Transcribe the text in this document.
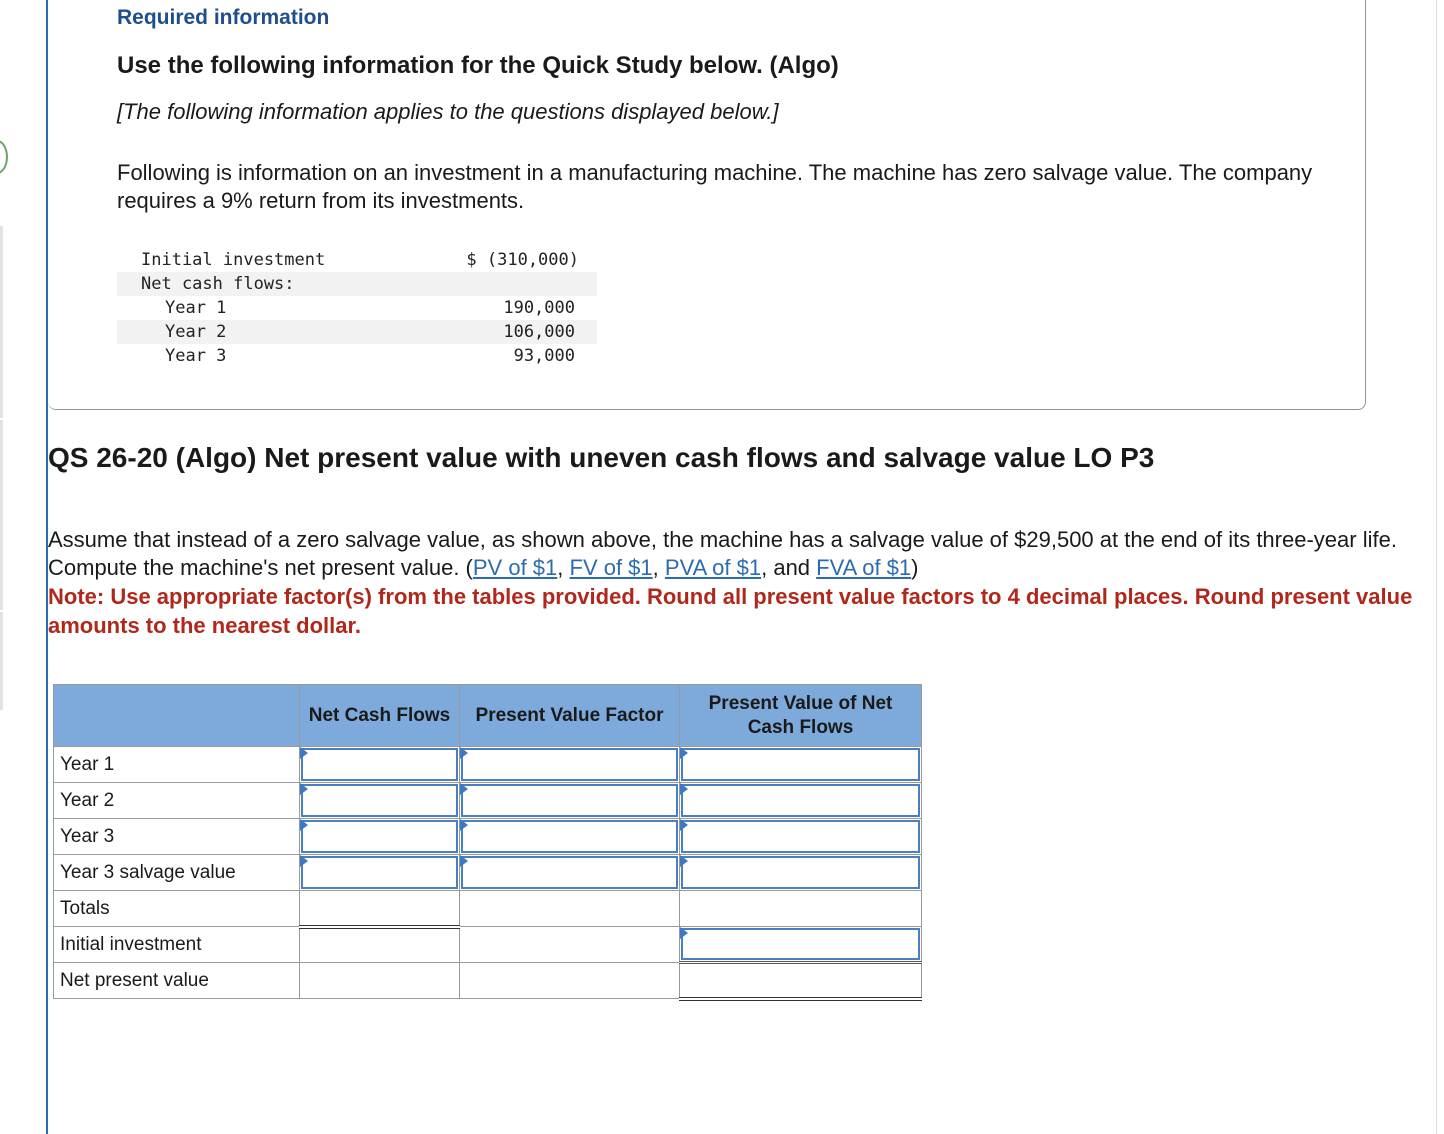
Required information
Use the following information for the Quick Study below. (Algo)

[The following information applies to the questions displayed below.]

Following is information on an investment in a manufacturing machine. The machine has zero salvage value. The company requires a 9% return from its investments.

Initial investment	$ (310,000)
Net cash flows:	
Year 1	190,000
Year 2	106,000
Year 3	93,000
QS 26-20 (Algo) Net present value with uneven cash flows and salvage value LO P3

Assume that instead of a zero salvage value, as shown above, the machine has a salvage value of $29,500 at the end of its three-year life. Compute the machine's net present value. (PV of $1, FV of $1, PVA of $1, and FVA of $1)

Note: Use appropriate factor(s) from the tables provided. Round all present value factors to 4 decimal places. Round present value amounts to the nearest dollar.

	Net Cash Flows	Present Value Factor	Present Value of Net Cash Flows
Year 1	

Year 2	

Year 3	

Year 3 salvage value	

Totals			
Initial investment			

Net present value			
